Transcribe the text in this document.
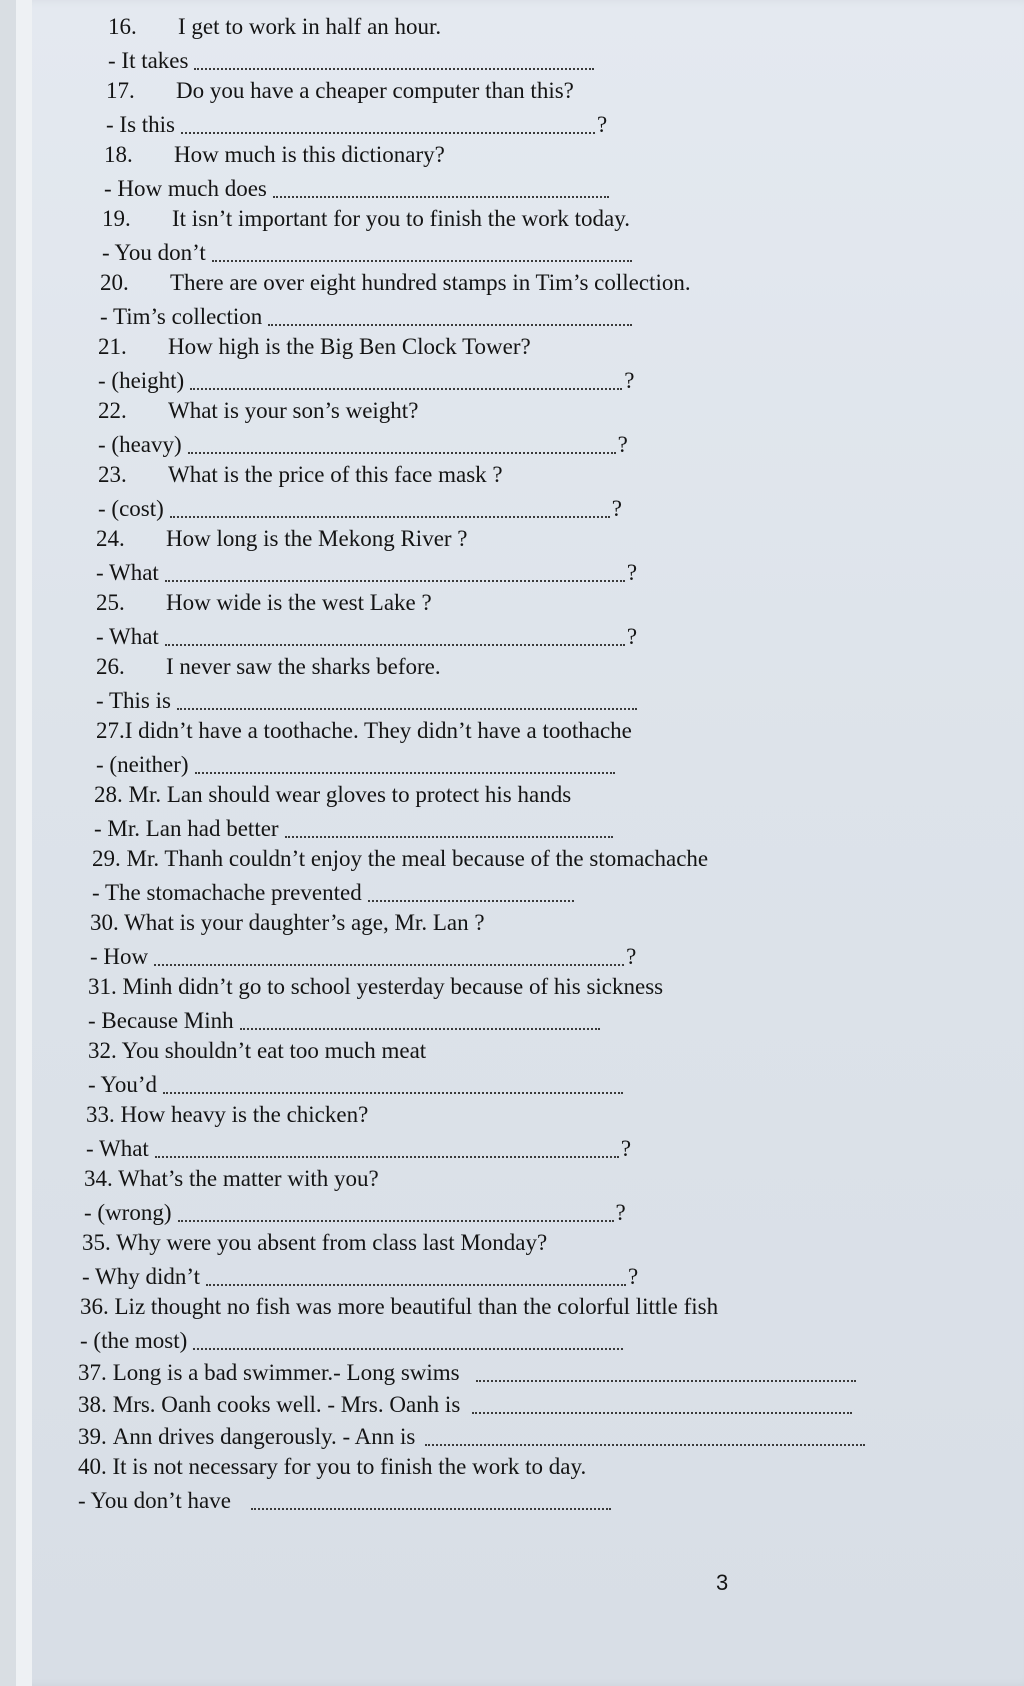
16. I get to work in half an hour.
- It takes
17. Do you have a cheaper computer than this?
- Is this	?
18. How much is this dictionary?
- How much does
19. It isn’t important for you to finish the work today.
- You don’t
20. There are over eight hundred stamps in Tim’s collection.
- Tim’s collection
21. How high is the Big Ben Clock Tower?
- (height)	?
22. What is your son’s weight?
- (heavy)	?
23. What is the price of this face mask ?
- (cost)	?
24. How long is the Mekong River ?
- What	?
25. How wide is the west Lake ?
- What	?
26. I never saw the sharks before.
- This is
27.I didn’t have a toothache. They didn’t have a toothache
- (neither)
28. Mr. Lan should wear gloves to protect his hands
- Mr. Lan had better
29. Mr. Thanh couldn’t enjoy the meal because of the stomachache
- The stomachache prevented
30. What is your daughter’s age, Mr. Lan ?
- How	?
31. Minh didn’t go to school yesterday because of his sickness
- Because Minh
32. You shouldn’t eat too much meat
- You’d
33. How heavy is the chicken?
- What	?
34. What’s the matter with you?
- (wrong)	?
35. Why were you absent from class last Monday?
- Why didn’t	?
36. Liz thought no fish was more beautiful than the colorful little fish
- (the most)
37. Long is a bad swimmer.- Long swims
38. Mrs. Oanh cooks well. - Mrs. Oanh is
39. Ann drives dangerously. - Ann is
40. It is not necessary for you to finish the work to day.
- You don’t have
3
